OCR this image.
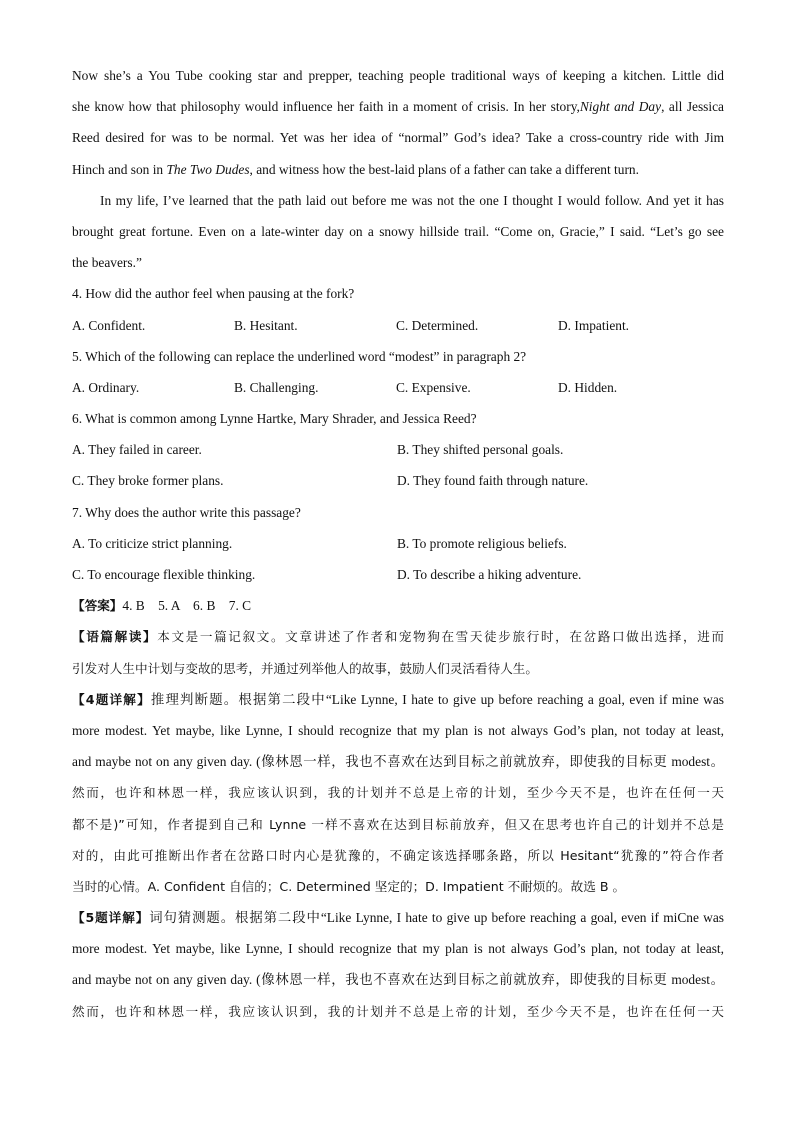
Now she’s a You Tube cooking star and prepper, teaching people traditional ways of keeping a kitchen. Little did
she know how that philosophy would influence her faith in a moment of crisis. In her story,Night and Day, all Jessica
Reed desired for was to be normal. Yet was her idea of “normal” God’s idea? Take a cross-country ride with Jim
Hinch and son in The Two Dudes, and witness how the best-laid plans of a father can take a different turn.
In my life, I’ve learned that the path laid out before me was not the one I thought I would follow. And yet it has
brought great fortune. Even on a late-winter day on a snowy hillside trail. “Come on, Gracie,” I said. “Let’s go see
the beavers.”
4. How did the author feel when pausing at the fork?
A. Confident.	B. Hesitant.	C. Determined.	D. Impatient.
5. Which of the following can replace the underlined word “modest” in paragraph 2?
A. Ordinary.	B. Challenging.	C. Expensive.	D. Hidden.
6. What is common among Lynne Hartke, Mary Shrader, and Jessica Reed?
A. They failed in career.	B. They shifted personal goals.
C. They broke former plans.	D. They found faith through nature.
7. Why does the author write this passage?
A. To criticize strict planning.	B. To promote religious beliefs.
C. To encourage flexible thinking.	D. To describe a hiking adventure.
【答案】4. B    5. A    6. B    7. C
【语篇解读】本文是一篇记叙文。文章讲述了作者和宠物狗在雪天徒步旅行时，在岔路口做出选择，进而
引发对人生中计划与变故的思考，并通过列举他人的故事，鼓励人们灵活看待人生。
【4题详解】推理判断题。根据第二段中“Like Lynne, I hate to give up before reaching a goal, even if mine was
more modest. Yet maybe, like Lynne, I should recognize that my plan is not always God’s plan, not today at least,
and maybe not on any given day. (像林恩一样，我也不喜欢在达到目标之前就放弃，即使我的目标更 modest。
然而，也许和林恩一样，我应该认识到，我的计划并不总是上帝的计划，至少今天不是，也许在任何一天
都不是)”可知，作者提到自己和 Lynne 一样不喜欢在达到目标前放弃，但又在思考也许自己的计划并不总是
对的，由此可推断出作者在岔路口时内心是犹豫的，不确定该选择哪条路，所以 Hesitant“犹豫的”符合作者
当时的心情。A. Confident 自信的；C. Determined 坚定的；D. Impatient 不耐烦的。故选 B 。
【5题详解】词句猜测题。根据第二段中“Like Lynne, I hate to give up before reaching a goal, even if miCne was
more modest. Yet maybe, like Lynne, I should recognize that my plan is not always God’s plan, not today at least,
and maybe not on any given day. (像林恩一样，我也不喜欢在达到目标之前就放弃，即使我的目标更 modest。
然而，也许和林恩一样，我应该认识到，我的计划并不总是上帝的计划，至少今天不是，也许在任何一天
